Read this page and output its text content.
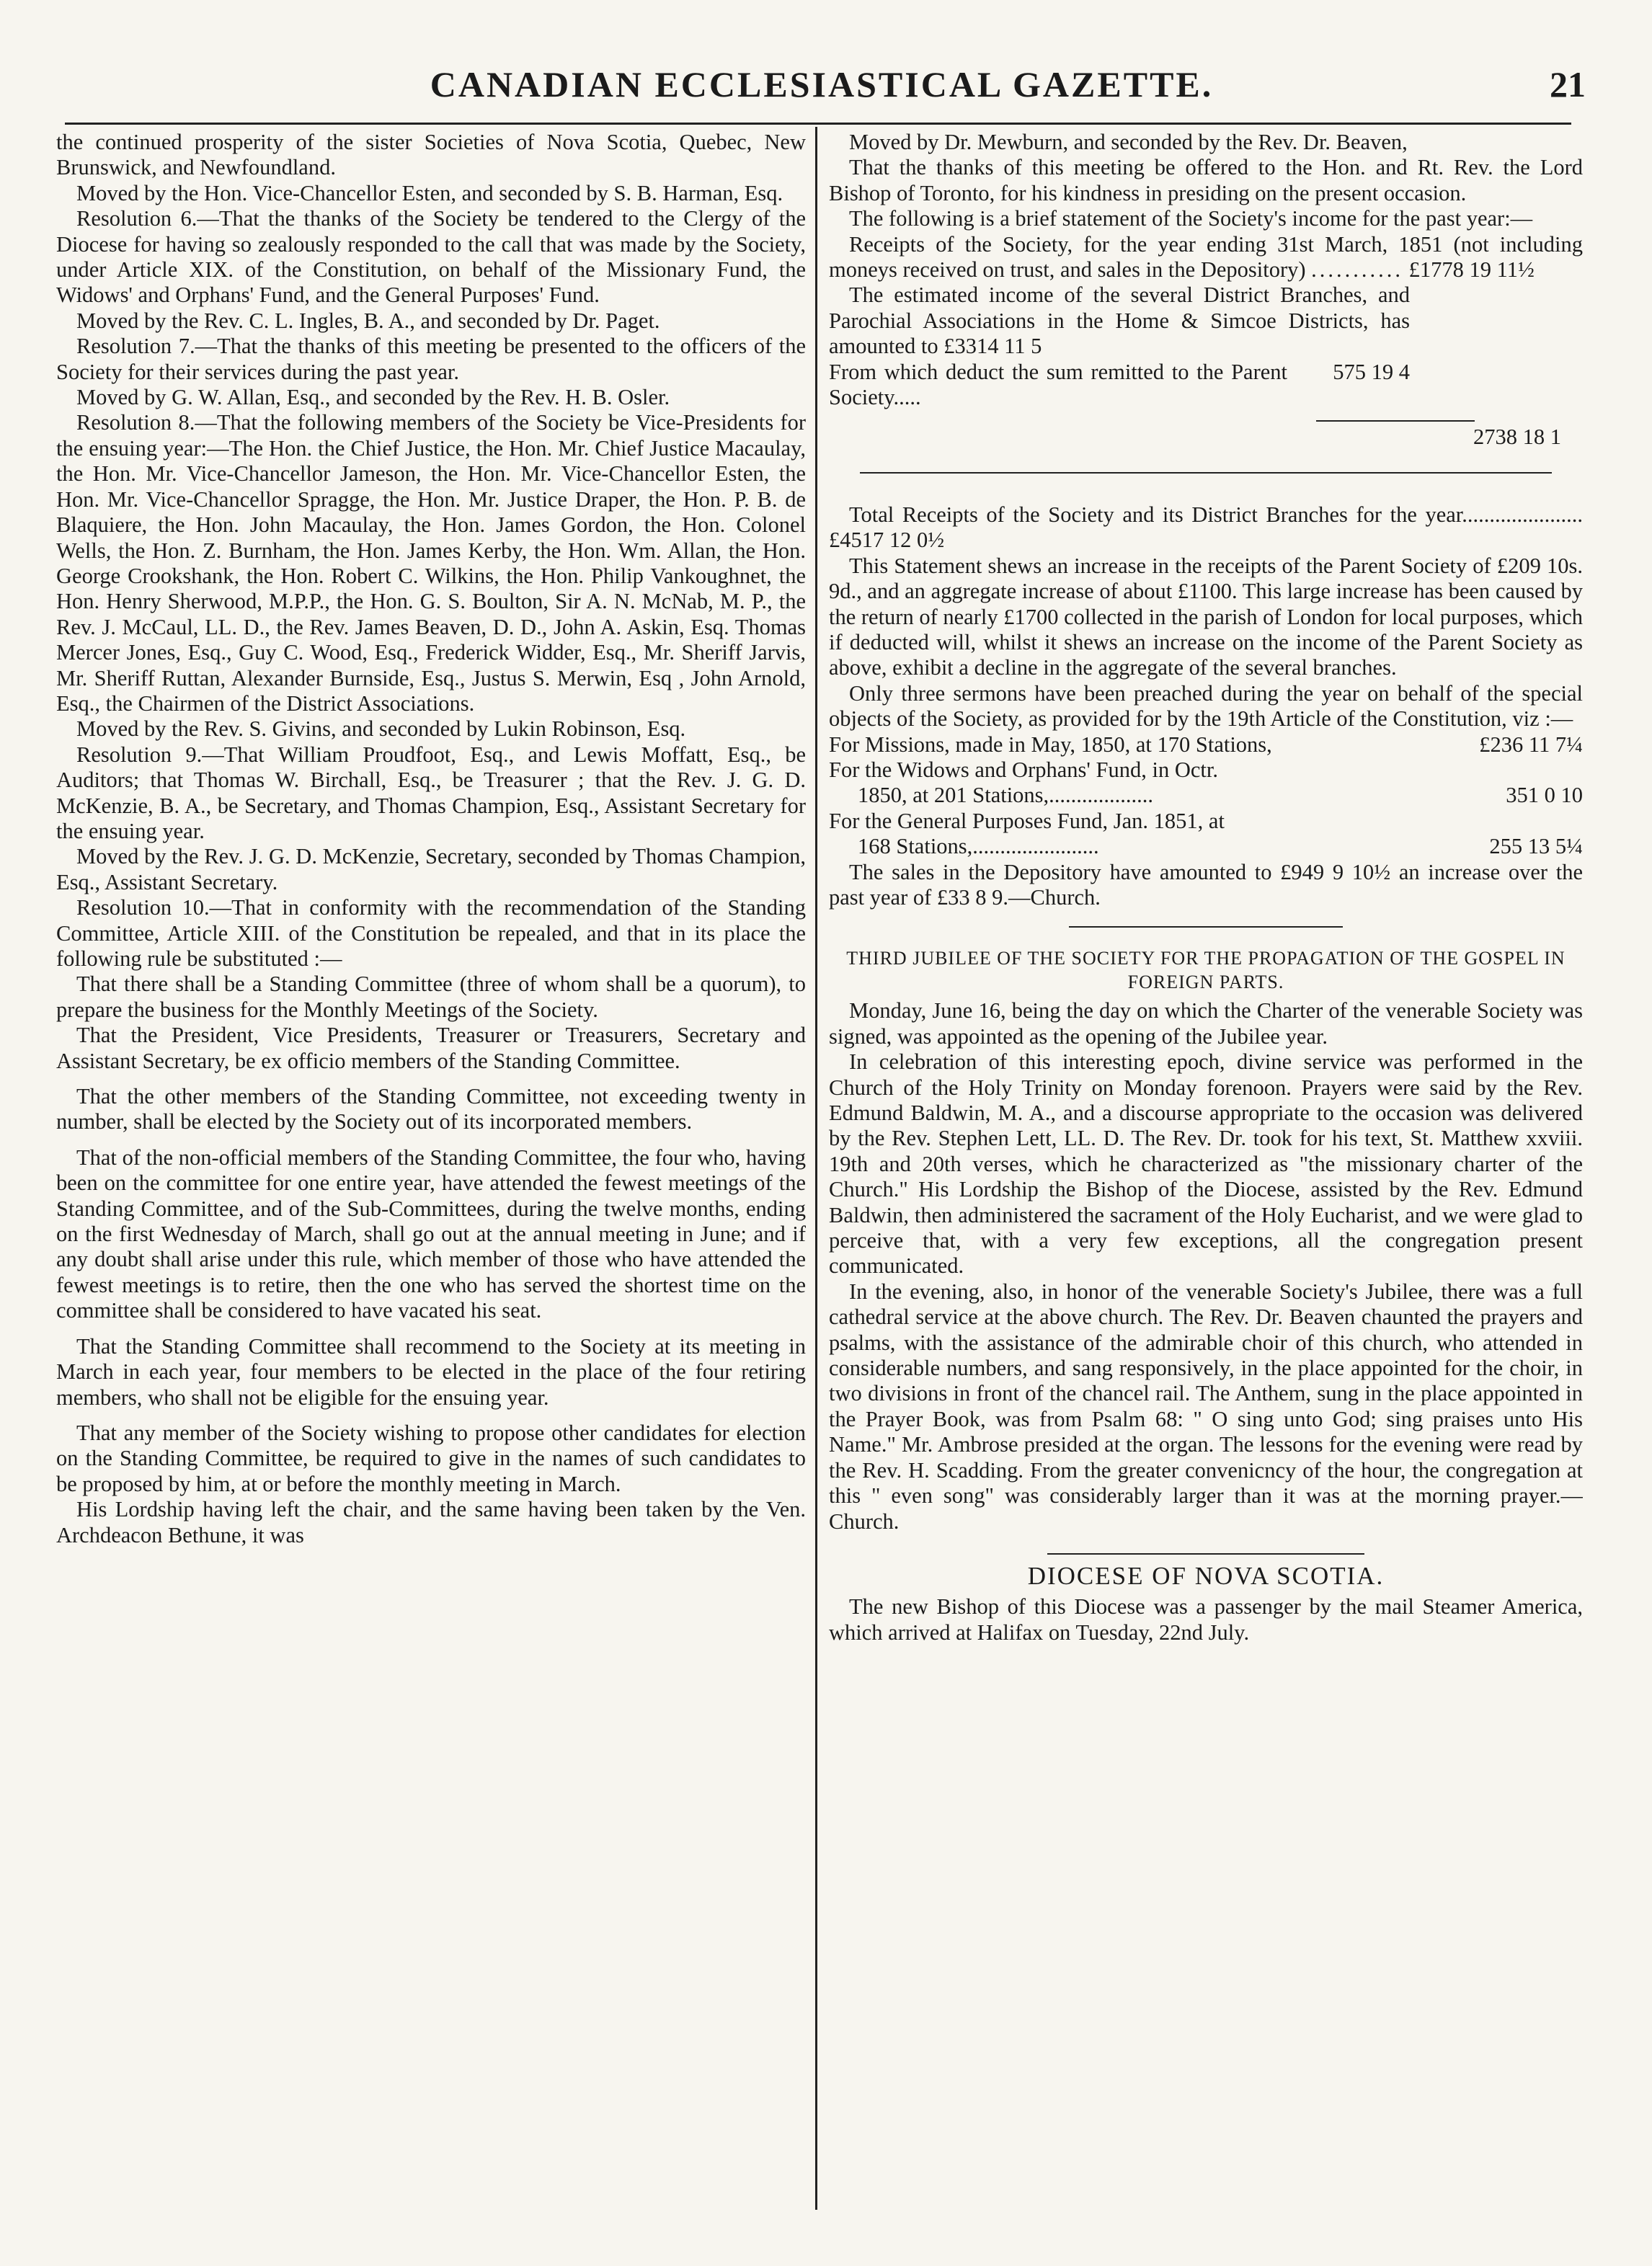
CANADIAN ECCLESIASTICAL GAZETTE.	21

the continued prosperity of the sister Societies of Nova Scotia, Quebec, New Brunswick, and Newfoundland.

Moved by the Hon. Vice-Chancellor Esten, and seconded by S. B. Harman, Esq.

Resolution 6.—That the thanks of the Society be tendered to the Clergy of the Diocese for having so zealously responded to the call that was made by the Society, under Article XIX. of the Constitution, on behalf of the Missionary Fund, the Widows' and Orphans' Fund, and the General Purposes' Fund.

Moved by the Rev. C. L. Ingles, B. A., and seconded by Dr. Paget.

Resolution 7.—That the thanks of this meeting be presented to the officers of the Society for their services during the past year.

Moved by G. W. Allan, Esq., and seconded by the Rev. H. B. Osler.

Resolution 8.—That the following members of the Society be Vice-Presidents for the ensuing year:—The Hon. the Chief Justice, the Hon. Mr. Chief Justice Macaulay, the Hon. Mr. Vice-Chancellor Jameson, the Hon. Mr. Vice-Chancellor Esten, the Hon. Mr. Vice-Chancellor Spragge, the Hon. Mr. Justice Draper, the Hon. P. B. de Blaquiere, the Hon. John Macaulay, the Hon. James Gordon, the Hon. Colonel Wells, the Hon. Z. Burnham, the Hon. James Kerby, the Hon. Wm. Allan, the Hon. George Crookshank, the Hon. Robert C. Wilkins, the Hon. Philip Vankoughnet, the Hon. Henry Sherwood, M.P.P., the Hon. G. S. Boulton, Sir A. N. McNab, M. P., the Rev. J. McCaul, LL. D., the Rev. James Beaven, D. D., John A. Askin, Esq. Thomas Mercer Jones, Esq., Guy C. Wood, Esq., Frederick Widder, Esq., Mr. Sheriff Jarvis, Mr. Sheriff Ruttan, Alexander Burnside, Esq., Justus S. Merwin, Esq , John Arnold, Esq., the Chairmen of the District Associations.

Moved by the Rev. S. Givins, and seconded by Lukin Robinson, Esq.

Resolution 9.—That William Proudfoot, Esq., and Lewis Moffatt, Esq., be Auditors; that Thomas W. Birchall, Esq., be Treasurer ; that the Rev. J. G. D. McKenzie, B. A., be Secretary, and Thomas Champion, Esq., Assistant Secretary for the ensuing year.

Moved by the Rev. J. G. D. McKenzie, Secretary, seconded by Thomas Champion, Esq., Assistant Secretary.

Resolution 10.—That in conformity with the recommendation of the Standing Committee, Article XIII. of the Constitution be repealed, and that in its place the following rule be substituted :—

That there shall be a Standing Committee (three of whom shall be a quorum), to prepare the business for the Monthly Meetings of the Society.

That the President, Vice Presidents, Treasurer or Treasurers, Secretary and Assistant Secretary, be ex officio members of the Standing Committee.

That the other members of the Standing Committee, not exceeding twenty in number, shall be elected by the Society out of its incorporated members.

That of the non-official members of the Standing Committee, the four who, having been on the committee for one entire year, have attended the fewest meetings of the Standing Committee, and of the Sub-Committees, during the twelve months, ending on the first Wednesday of March, shall go out at the annual meeting in June; and if any doubt shall arise under this rule, which member of those who have attended the fewest meetings is to retire, then the one who has served the shortest time on the committee shall be considered to have vacated his seat.

That the Standing Committee shall recommend to the Society at its meeting in March in each year, four members to be elected in the place of the four retiring members, who shall not be eligible for the ensuing year.

That any member of the Society wishing to propose other candidates for election on the Standing Committee, be required to give in the names of such candidates to be proposed by him, at or before the monthly meeting in March.

His Lordship having left the chair, and the same having been taken by the Ven. Archdeacon Bethune, it was

Moved by Dr. Mewburn, and seconded by the Rev. Dr. Beaven,

That the thanks of this meeting be offered to the Hon. and Rt. Rev. the Lord Bishop of Toronto, for his kindness in presiding on the present occasion.

The following is a brief statement of the Society's income for the past year:—

Receipts of the Society, for the year ending 31st March, 1851 (not including moneys received on trust, and sales in the Depository) ........... £1778 19 11½

The estimated income of the several District Branches, and Parochial Associations in the Home & Simcoe Districts, has amounted to £3314 11 5

From which deduct the sum remitted to the Parent Society.....
575 19 4
2738 18 1

Total Receipts of the Society and its District Branches for the year...................... £4517 12 0½

This Statement shews an increase in the receipts of the Parent Society of £209 10s. 9d., and an aggregate increase of about £1100. This large increase has been caused by the return of nearly £1700 collected in the parish of London for local purposes, which if deducted will, whilst it shews an increase on the income of the Parent Society as above, exhibit a decline in the aggregate of the several branches.

Only three sermons have been preached during the year on behalf of the special objects of the Society, as provided for by the 19th Article of the Constitution, viz :—

For Missions, made in May, 1850, at 170 Stations,	£236 11 7¼
For the Widows and Orphans' Fund, in Octr.
1850, at 201 Stations,...................	351 0 10
For the General Purposes Fund, Jan. 1851, at
168 Stations,.......................	255 13 5¼

The sales in the Depository have amounted to £949 9 10½ an increase over the past year of £33 8 9.—Church.

THIRD JUBILEE OF THE SOCIETY FOR THE PROPAGATION OF THE GOSPEL IN FOREIGN PARTS.

Monday, June 16, being the day on which the Charter of the venerable Society was signed, was appointed as the opening of the Jubilee year.

In celebration of this interesting epoch, divine service was performed in the Church of the Holy Trinity on Monday forenoon. Prayers were said by the Rev. Edmund Baldwin, M. A., and a discourse appropriate to the occasion was delivered by the Rev. Stephen Lett, LL. D. The Rev. Dr. took for his text, St. Matthew xxviii. 19th and 20th verses, which he characterized as "the missionary charter of the Church." His Lordship the Bishop of the Diocese, assisted by the Rev. Edmund Baldwin, then administered the sacrament of the Holy Eucharist, and we were glad to perceive that, with a very few exceptions, all the congregation present communicated.

In the evening, also, in honor of the venerable Society's Jubilee, there was a full cathedral service at the above church. The Rev. Dr. Beaven chaunted the prayers and psalms, with the assistance of the admirable choir of this church, who attended in considerable numbers, and sang responsively, in the place appointed for the choir, in two divisions in front of the chancel rail. The Anthem, sung in the place appointed in the Prayer Book, was from Psalm 68: " O sing unto God; sing praises unto His Name." Mr. Ambrose presided at the organ. The lessons for the evening were read by the Rev. H. Scadding. From the greater convenicncy of the hour, the congregation at this " even song" was considerably larger than it was at the morning prayer.—Church.

DIOCESE OF NOVA SCOTIA.

The new Bishop of this Diocese was a passenger by the mail Steamer America, which arrived at Halifax on Tuesday, 22nd July.
